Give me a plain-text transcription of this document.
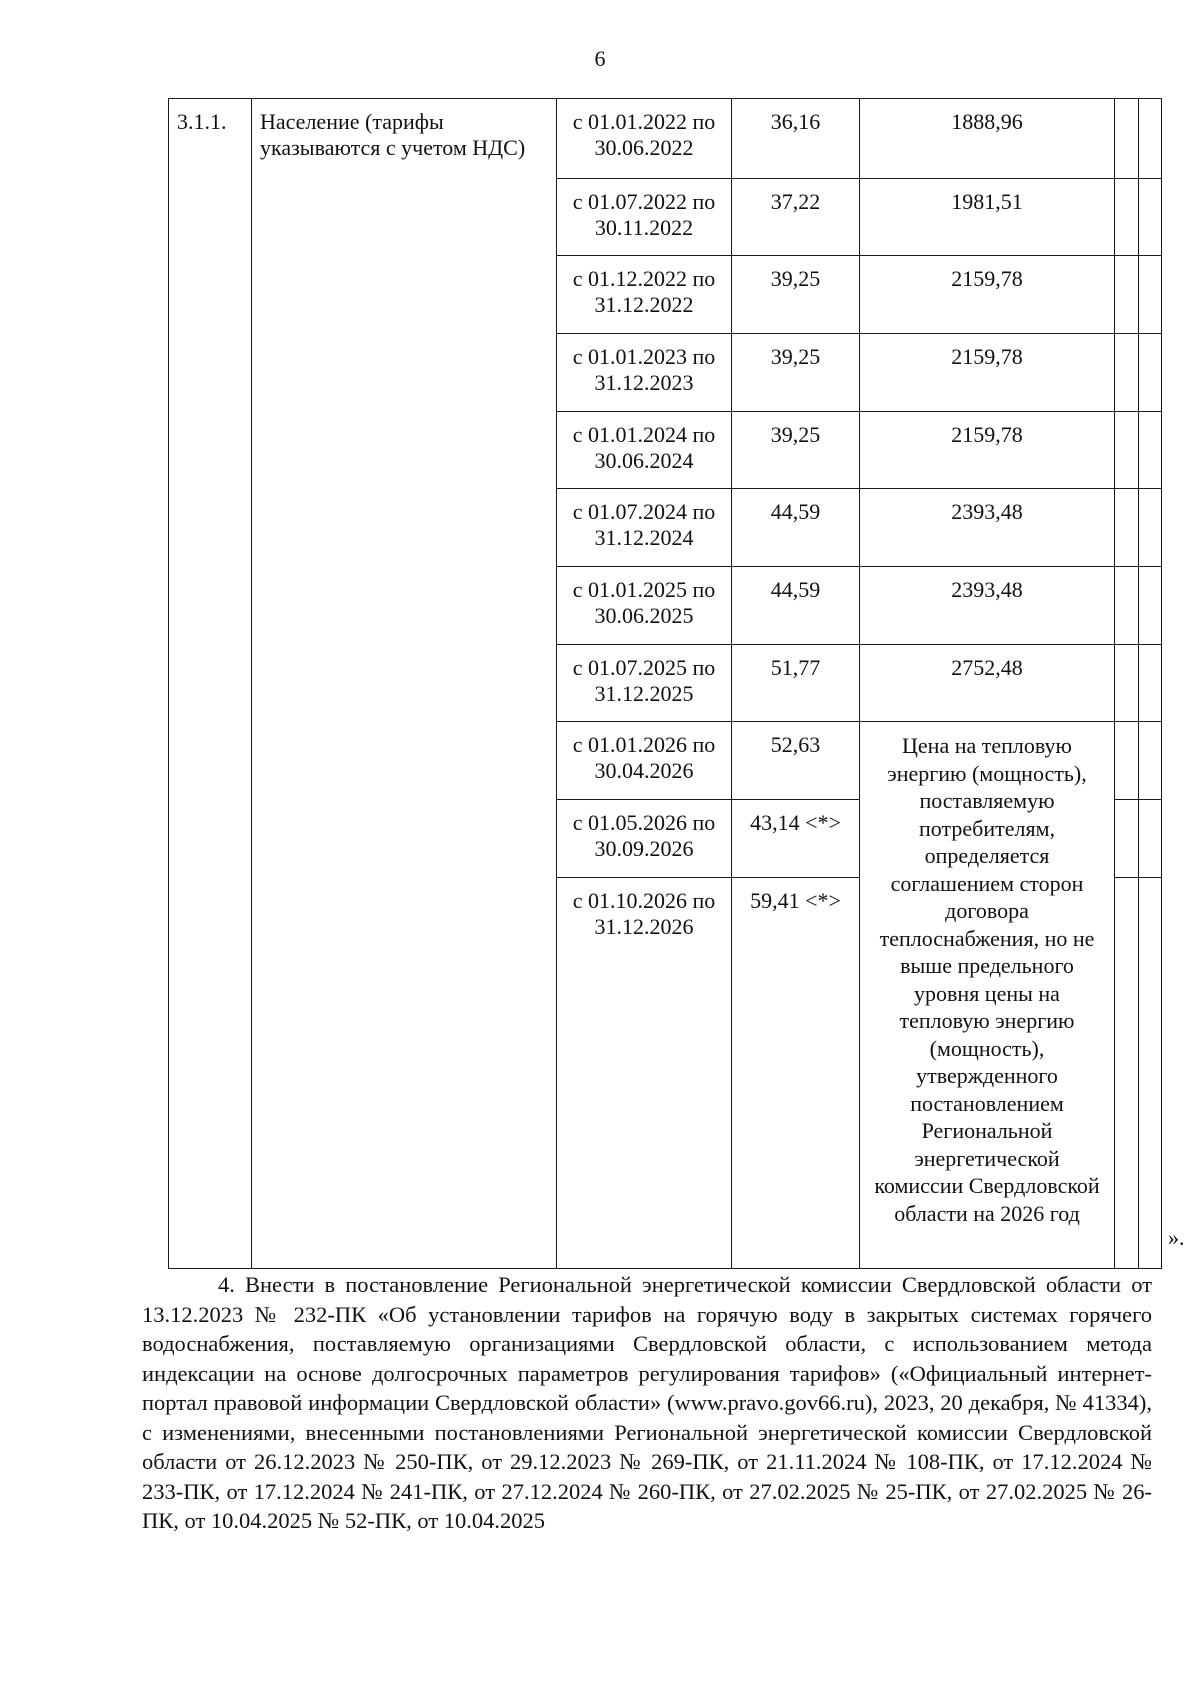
6
3.1.1.	Население (тарифы указываются с учетом НДС)	с 01.01.2022 по 30.06.2022	36,16	1888,96		
		с 01.07.2022 по 30.11.2022	37,22	1981,51		
		с 01.12.2022 по 31.12.2022	39,25	2159,78		
		с 01.01.2023 по 31.12.2023	39,25	2159,78		
		с 01.01.2024 по 30.06.2024	39,25	2159,78		
		с 01.07.2024 по 31.12.2024	44,59	2393,48		
		с 01.01.2025 по 30.06.2025	44,59	2393,48		
		с 01.07.2025 по 31.12.2025	51,77	2752,48		
		с 01.01.2026 по 30.04.2026	52,63	Цена на тепловую энергию (мощность), поставляемую потребителям, определяется соглашением сторон договора теплоснабжения, но не выше предельного уровня цены на тепловую энергию (мощность), утвержденного постановлением Региональной энергетической комиссии Свердловской области на 2026 год		
		с 01.05.2026 по 30.09.2026	43,14 <*>			
		с 01.10.2026 по 31.12.2026	59,41 <*>			
».

4. Внести в постановление Региональной энергетической комиссии Свердловской области от 13.12.2023 № 232-ПК «Об установлении тарифов на горячую воду в закрытых системах горячего водоснабжения, поставляемую организациями Свердловской области, с использованием метода индексации на основе долгосрочных параметров регулирования тарифов» («Официальный интернет-портал правовой информации Свердловской области» (www.pravo.gov66.ru), 2023, 20 декабря, № 41334), с изменениями, внесенными постановлениями Региональной энергетической комиссии Свердловской области от 26.12.2023 № 250-ПК, от 29.12.2023 № 269-ПК, от 21.11.2024 № 108-ПК, от 17.12.2024 № 233-ПК, от 17.12.2024 № 241-ПК, от 27.12.2024 № 260-ПК, от 27.02.2025 № 25-ПК, от 27.02.2025 № 26-ПК, от 10.04.2025 № 52-ПК, от 10.04.2025
